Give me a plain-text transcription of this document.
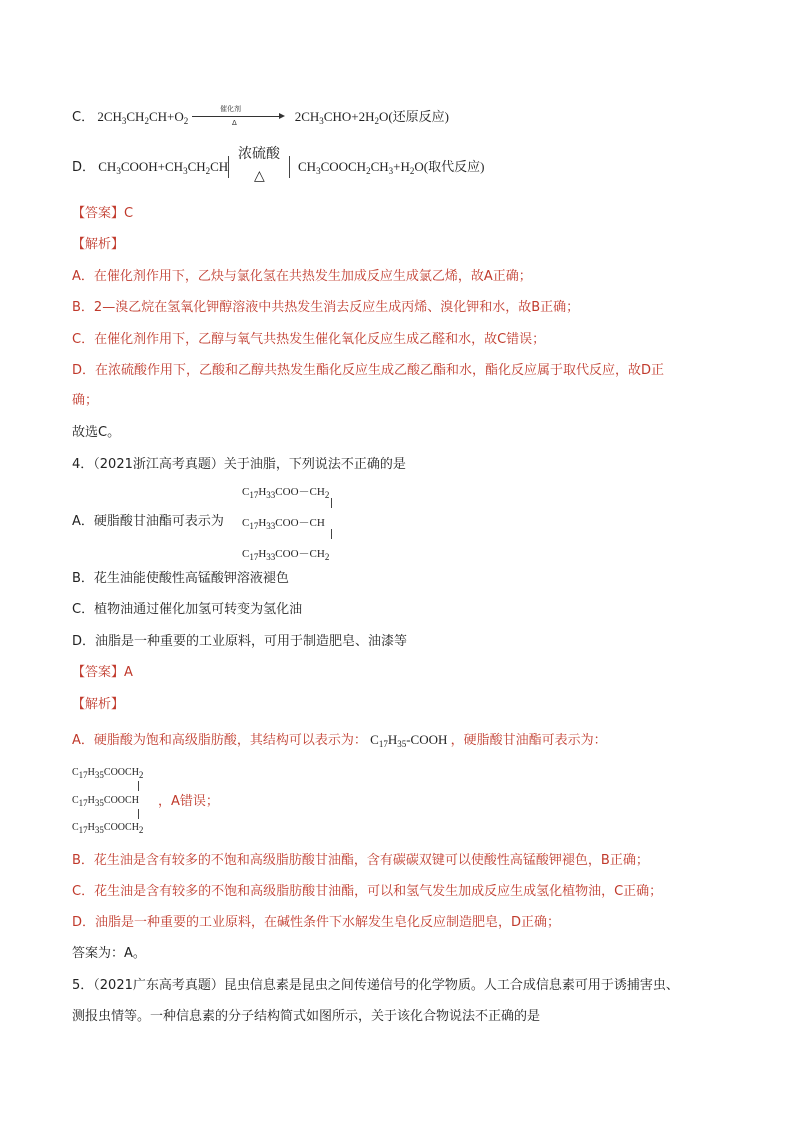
C． $2CH_3CH_2CH+O_2$	$2CH_3CHO+2H_2O$(还原反应)
催化剂
Δ
D． $CH_3COOH+CH_3CH_2CH$
浓硫酸
△
$CH_3COOCH_2CH_3+H_2O$(取代反应)
【答案】C
【解析】
A．在催化剂作用下，乙炔与氯化氢在共热发生加成反应生成氯乙烯，故A正确；
B．2—溴乙烷在氢氧化钾醇溶液中共热发生消去反应生成丙烯、溴化钾和水，故B正确；
C．在催化剂作用下，乙醇与氧气共热发生催化氧化反应生成乙醛和水，故C错误；
D．在浓硫酸作用下，乙酸和乙醇共热发生酯化反应生成乙酸乙酯和水，酯化反应属于取代反应，故D正
确；
故选C。
4．（2021浙江高考真题）关于油脂，下列说法不正确的是
$C_{17}H_{33}COO-CH_2$
A．硬脂酸甘油酯可表示为 $C_{17}H_{33}COO-CH$
$C_{17}H_{33}COO-CH_2$
B．花生油能使酸性高锰酸钾溶液褪色
C．植物油通过催化加氢可转变为氢化油
D．油脂是一种重要的工业原料，可用于制造肥皂、油漆等
【答案】A
【解析】
A．硬脂酸为饱和高级脂肪酸，其结构可以表示为： $C_{17}H_{35}$-COOH ，硬脂酸甘油酯可表示为：
$C_{17}H_{35}COOCH_2$
$C_{17}H_{35}COOCH$ ，A错误；
$C_{17}H_{35}COOCH_2$
B．花生油是含有较多的不饱和高级脂肪酸甘油酯，含有碳碳双键可以使酸性高锰酸钾褪色，B正确；
C．花生油是含有较多的不饱和高级脂肪酸甘油酯，可以和氢气发生加成反应生成氢化植物油，C正确；
D．油脂是一种重要的工业原料，在碱性条件下水解发生皂化反应制造肥皂，D正确；
答案为：A。
5．（2021广东高考真题）昆虫信息素是昆虫之间传递信号的化学物质。人工合成信息素可用于诱捕害虫、
测报虫情等。一种信息素的分子结构简式如图所示，关于该化合物说法不正确的是
